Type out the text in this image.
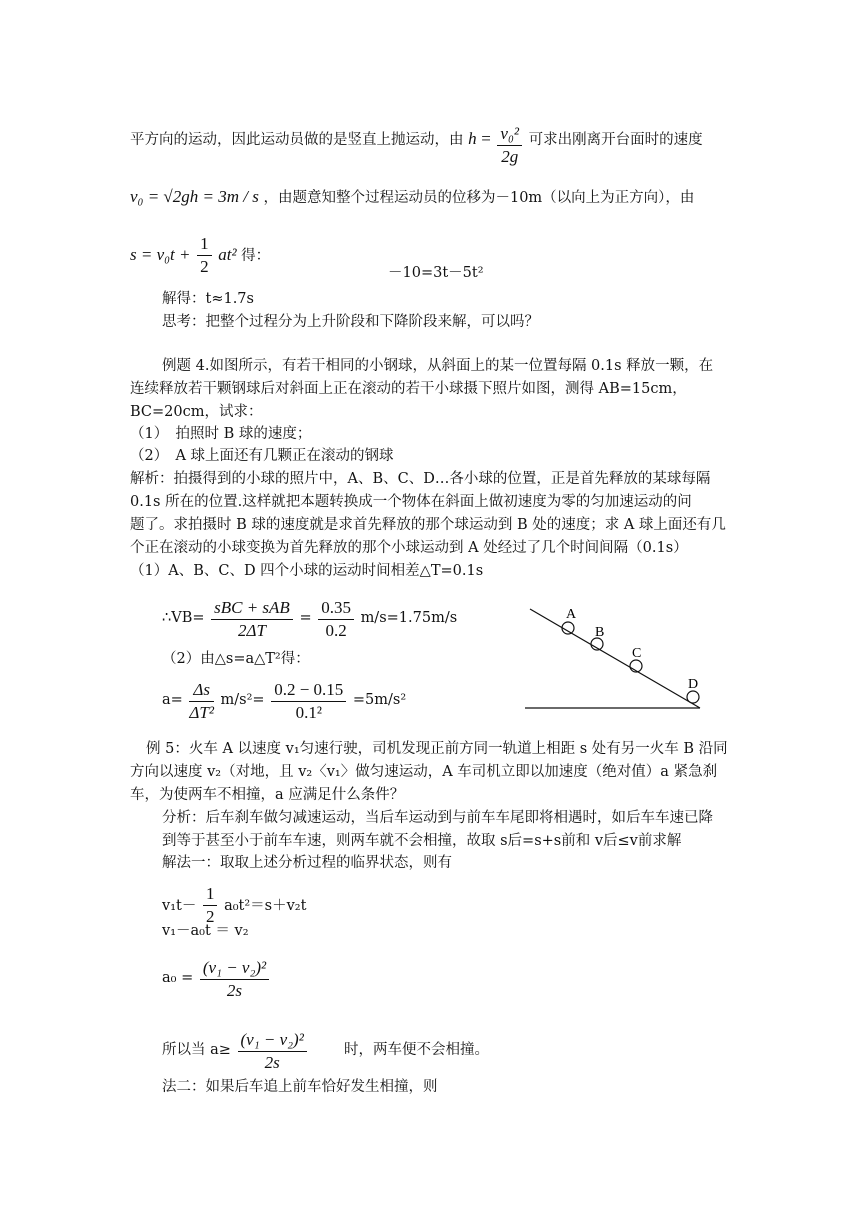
平方向的运动，因此运动员做的是竖直上抛运动，由 $h = \frac{\text{v₀²}}{2g}$ 可求出刚离开台面时的速度
v₀ = √2gh = 3m / s ，由题意知整个过程运动员的位移为－10m（以向上为正方向），由
$s = v_0t + \frac{1}{2} at^2$ 得：
－10=3t－5t²
解得：t≈1.7s
思考：把整个过程分为上升阶段和下降阶段来解，可以吗？
例题 4.如图所示，有若干相同的小钢球，从斜面上的某一位置每隔 0.1s 释放一颗，在
连续释放若干颗钢球后对斜面上正在滚动的若干小球摄下照片如图，测得 AB=15cm，
BC=20cm，试求：
（1）　拍照时 B 球的速度；
（2）　A 球上面还有几颗正在滚动的钢球
解析：拍摄得到的小球的照片中，A、B、C、D…各小球的位置，正是首先释放的某球每隔
0.1s 所在的位置.这样就把本题转换成一个物体在斜面上做初速度为零的匀加速运动的问
题了。求拍摄时 B 球的速度就是求首先释放的那个球运动到 B 处的速度；求 A 球上面还有几
个正在滚动的小球变换为首先释放的那个小球运动到 A 处经过了几个时间间隔（0.1s）
（1）A、B、C、D 四个小球的运动时间相差△T=0.1s
∴VB= $\frac{\text{sBC + sAB}}{2\Delta T} = \frac{0.35}{0.2} m/s=1.75m/s$
（2）由△s=a△T²得：
$a= \frac{\Delta s}{\text{ΔT²}} m/s^2= \frac{0.2 - 0.15}{\text{0.1²}} =5m/s^2$
A
B
C
D
例 5：火车 A 以速度 v₁匀速行驶，司机发现正前方同一轨道上相距 s 处有另一火车 B 沿同
方向以速度 v₂（对地，且 v₂〈v₁〉做匀速运动，A 车司机立即以加速度（绝对值）a 紧急刹
车，为使两车不相撞，a 应满足什么条件？
分析：后车刹车做匀减速运动，当后车运动到与前车车尾即将相遇时，如后车车速已降
到等于甚至小于前车车速，则两车就不会相撞，故取 s后=s+s前和 v后≤v前求解
解法一：取取上述分析过程的临界状态，则有
$v_1t- \frac{1}{2} a_0t^2=s+v_2t$
v₁－a₀t ＝ v₂
$a_0 = \frac{\text{(v₁ − v₂)²}}{2s}$
所以当 $a\ge \frac{\text{(v₁ − v₂)²}}{2s}$	时，两车便不会相撞。
法二：如果后车追上前车恰好发生相撞，则
